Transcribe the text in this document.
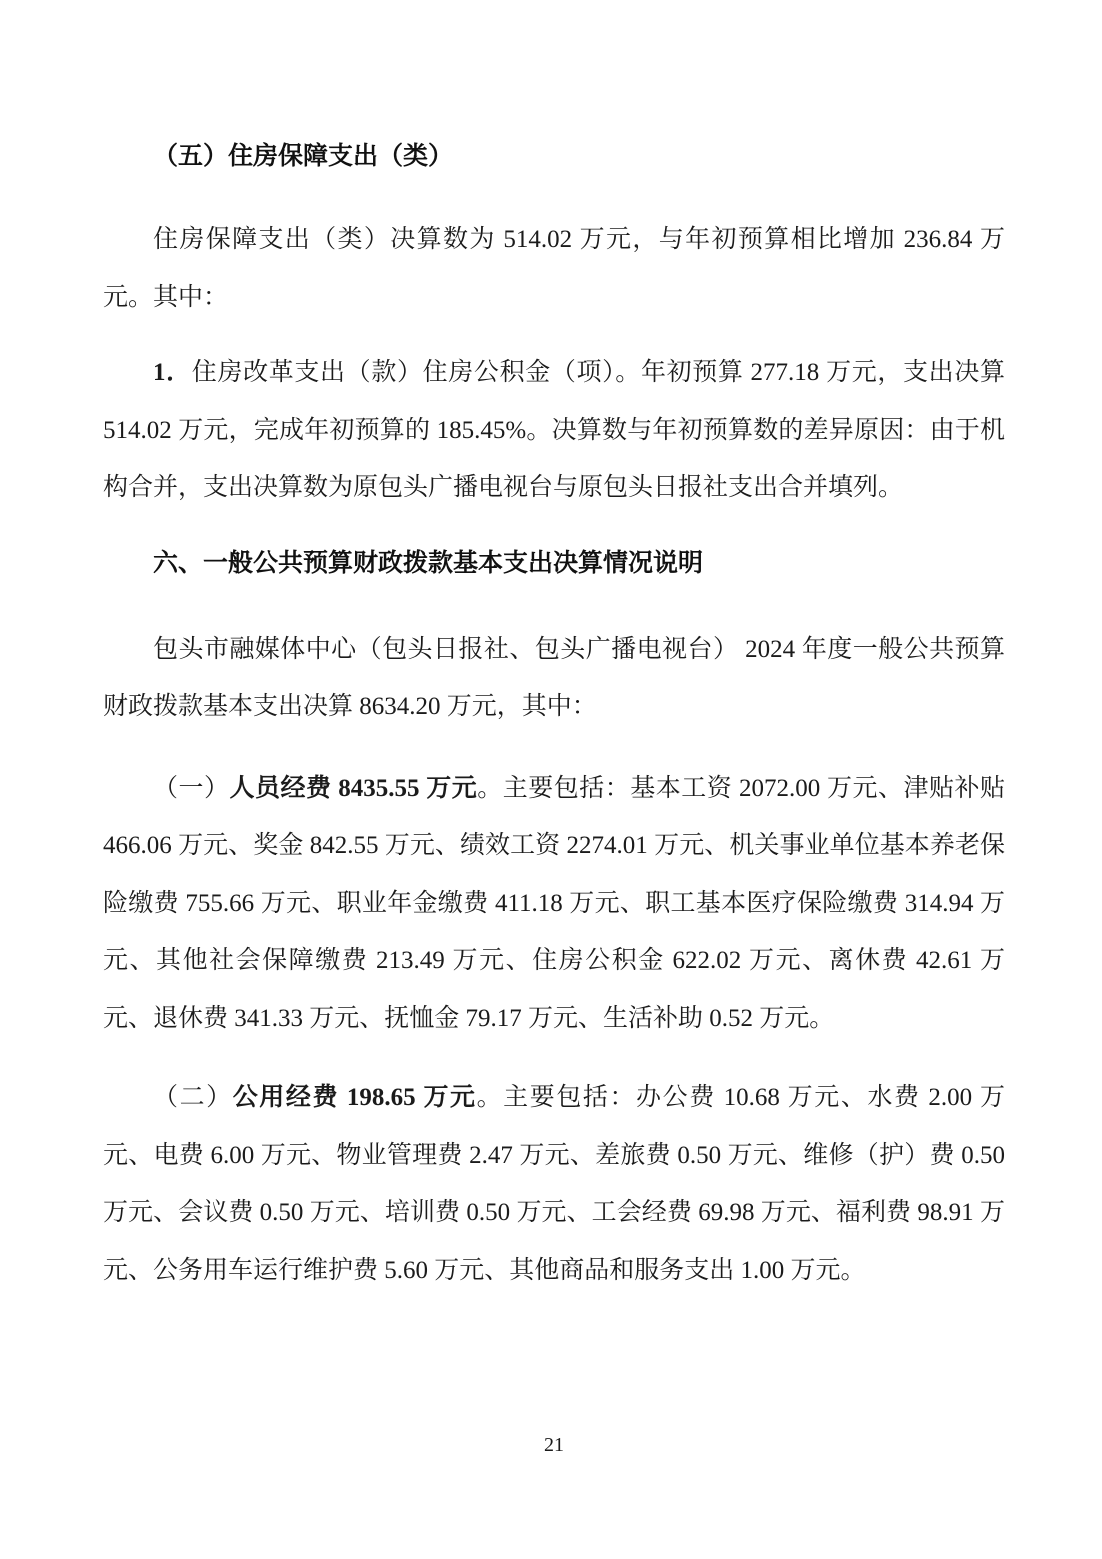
（五）住房保障支出（类）

住房保障支出（类）决算数为 514.02 万元，与年初预算相比增加 236.84 万元。其中：

1．住房改革支出（款）住房公积金（项）。年初预算 277.18 万元，支出决算 514.02 万元，完成年初预算的 185.45%。决算数与年初预算数的差异原因：由于机构合并，支出决算数为原包头广播电视台与原包头日报社支出合并填列。

六、一般公共预算财政拨款基本支出决算情况说明

包头市融媒体中心（包头日报社、包头广播电视台） 2024 年度一般公共预算财政拨款基本支出决算 8634.20 万元，其中：

（一）人员经费 8435.55 万元。主要包括：基本工资 2072.00 万元、津贴补贴 466.06 万元、奖金 842.55 万元、绩效工资 2274.01 万元、机关事业单位基本养老保险缴费 755.66 万元、职业年金缴费 411.18 万元、职工基本医疗保险缴费 314.94 万元、其他社会保障缴费 213.49 万元、住房公积金 622.02 万元、离休费 42.61 万元、退休费 341.33 万元、抚恤金 79.17 万元、生活补助 0.52 万元。

（二）公用经费 198.65 万元。主要包括：办公费 10.68 万元、水费 2.00 万元、电费 6.00 万元、物业管理费 2.47 万元、差旅费 0.50 万元、维修（护）费 0.50 万元、会议费 0.50 万元、培训费 0.50 万元、工会经费 69.98 万元、福利费 98.91 万元、公务用车运行维护费 5.60 万元、其他商品和服务支出 1.00 万元。

21
